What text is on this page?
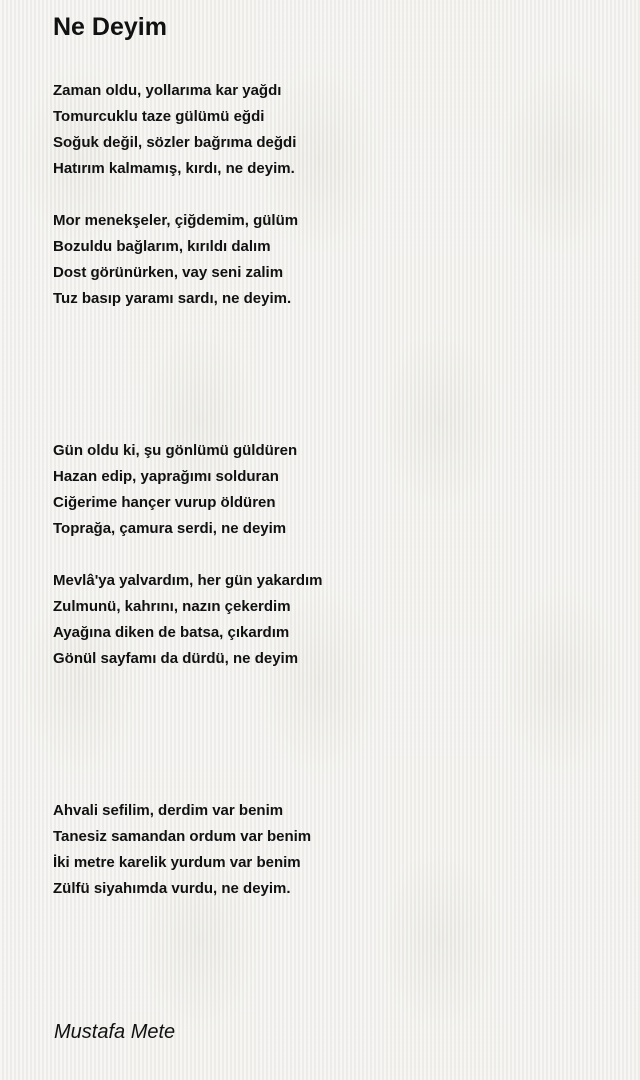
Ne Deyim
Zaman oldu, yollarıma kar yağdı
Tomurcuklu taze gülümü eğdi
Soğuk değil, sözler bağrıma değdi
Hatırım kalmamış, kırdı, ne deyim.
Mor menekşeler, çiğdemim, gülüm
Bozuldu bağlarım, kırıldı dalım
Dost görünürken, vay seni zalim
Tuz basıp yaramı sardı, ne deyim.
Gün oldu ki, şu gönlümü güldüren
Hazan edip, yaprağımı solduran
Ciğerime hançer vurup öldüren
Toprağa, çamura serdi, ne deyim
Mevlâ'ya yalvardım, her gün yakardım
Zulmunü, kahrını, nazın çekerdim
Ayağına diken de batsa, çıkardım
Gönül sayfamı da dürdü, ne deyim
Ahvali sefilim, derdim var benim
Tanesiz samandan ordum var benim
İki metre karelik yurdum var benim
Zülfü siyahımda vurdu, ne deyim.

Mustafa Mete
